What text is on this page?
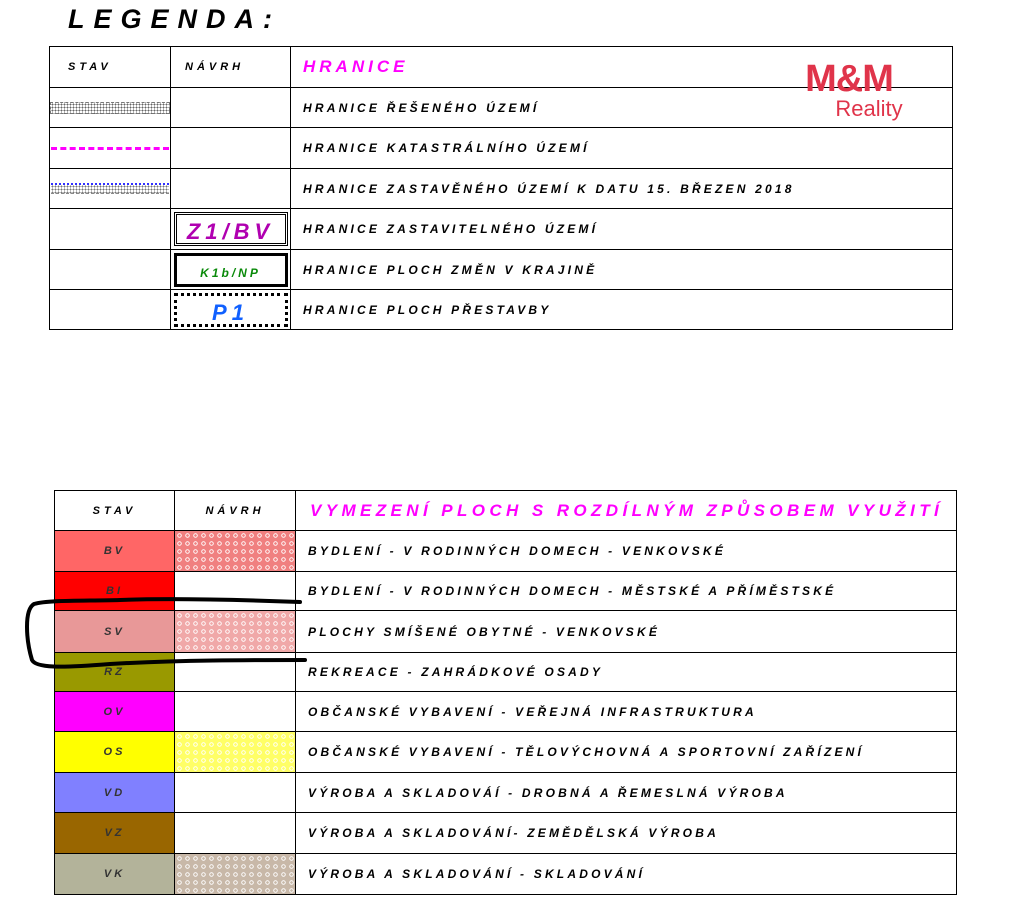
LEGENDA:
STAV	NÁVRH	HRANICE

		HRANICE ŘEŠENÉHO ÚZEMÍ

		HRANICE KATASTRÁLNÍHO ÚZEMÍ

		HRANICE ZASTAVĚNÉHO ÚZEMÍ K DATU 15. BŘEZEN 2018

	Z1/BV	HRANICE ZASTAVITELNÉHO ÚZEMÍ

	K1b/NP	HRANICE PLOCH ZMĚN V KRAJINĚ

	P1	HRANICE PLOCH PŘESTAVBY
M&M
Reality
STAV	NÁVRH	VYMEZENÍ PLOCH S ROZDÍLNÝM ZPŮSOBEM VYUŽITÍ
BV		BYDLENÍ - V RODINNÝCH DOMECH - VENKOVSKÉ
BI		BYDLENÍ - V RODINNÝCH DOMECH - MĚSTSKÉ A PŘÍMĚSTSKÉ
SV		PLOCHY SMÍŠENÉ OBYTNÉ - VENKOVSKÉ
RZ		REKREACE - ZAHRÁDKOVÉ OSADY
OV		OBČANSKÉ VYBAVENÍ - VEŘEJNÁ INFRASTRUKTURA
OS		OBČANSKÉ VYBAVENÍ - TĚLOVÝCHOVNÁ A SPORTOVNÍ ZAŘÍZENÍ
VD		VÝROBA A SKLADOVÁÍ - DROBNÁ A ŘEMESLNÁ VÝROBA
VZ		VÝROBA A SKLADOVÁNÍ- ZEMĚDĚLSKÁ VÝROBA
VK		VÝROBA A SKLADOVÁNÍ - SKLADOVÁNÍ
